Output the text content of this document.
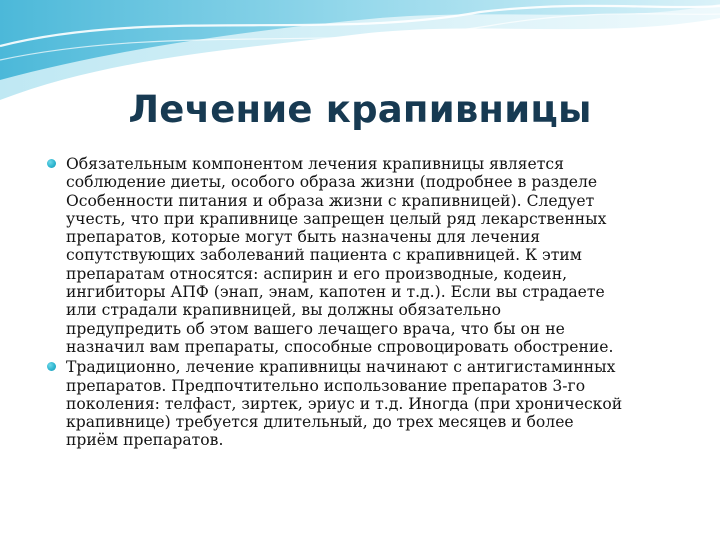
Лечение крапивницы
Обязательным компонентом лечения крапивницы является
соблюдение диеты, особого образа жизни (подробнее в разделе
Особенности питания и образа жизни с крапивницей). Следует
учесть, что при крапивнице запрещен целый ряд лекарственных
препаратов, которые могут быть назначены для лечения
сопутствующих заболеваний пациента с крапивницей. К этим
препаратам относятся: аспирин и его производные, кодеин,
ингибиторы АПФ (энап, энам, капотен и т.д.). Если вы страдаете
или страдали крапивницей, вы должны обязательно
предупредить об этом вашего лечащего врача, что бы он не
назначил вам препараты, способные спровоцировать обострение.
Традиционно, лечение крапивницы начинают с антигистаминных
препаратов. Предпочтительно использование препаратов 3-го
поколения: телфаст, зиртек, эриус и т.д. Иногда (при хронической
крапивнице) требуется длительный, до трех месяцев и более
приём препаратов.
